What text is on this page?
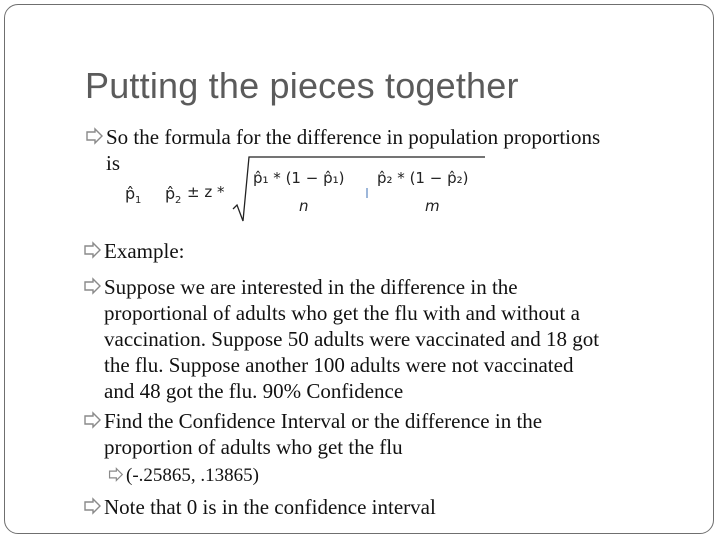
Putting the pieces together
So the formula for the difference in population proportions
is
p̂ 1 p̂ 2 ± z *
p̂₁ * (1 − p̂₁)
n
p̂₂ * (1 − p̂₂)
m
Example:
Suppose we are interested in the difference in the
proportional of adults who get the flu with and without a
vaccination. Suppose 50 adults were vaccinated and 18 got
the flu. Suppose another 100 adults were not vaccinated
and 48 got the flu. 90% Confidence
Find the Confidence Interval or the difference in the
proportion of adults who get the flu
(-.25865, .13865)
Note that 0 is in the confidence interval
